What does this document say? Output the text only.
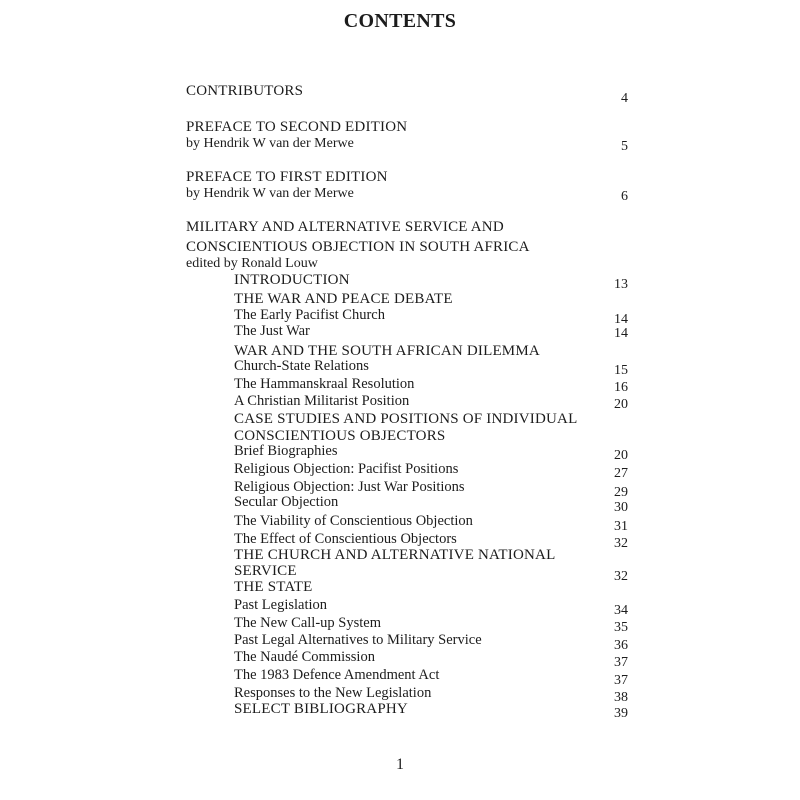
CONTENTS
CONTRIBUTORS	4
PREFACE TO SECOND EDITION
by Hendrik W van der Merwe	5
PREFACE TO FIRST EDITION
by Hendrik W van der Merwe	6
MILITARY AND ALTERNATIVE SERVICE AND
CONSCIENTIOUS OBJECTION IN SOUTH AFRICA
edited by Ronald Louw
INTRODUCTION	13
THE WAR AND PEACE DEBATE
The Early Pacifist Church	14
The Just War	14
WAR AND THE SOUTH AFRICAN DILEMMA
Church-State Relations	15
The Hammanskraal Resolution	16
A Christian Militarist Position	20
CASE STUDIES AND POSITIONS OF INDIVIDUAL
CONSCIENTIOUS OBJECTORS
Brief Biographies	20
Religious Objection: Pacifist Positions	27
Religious Objection: Just War Positions	29
Secular Objection	30
The Viability of Conscientious Objection	31
The Effect of Conscientious Objectors	32
THE CHURCH AND ALTERNATIVE NATIONAL
SERVICE	32
THE STATE
Past Legislation	34
The New Call-up System	35
Past Legal Alternatives to Military Service	36
The Naudé Commission	37
The 1983 Defence Amendment Act	37
Responses to the New Legislation	38
SELECT BIBLIOGRAPHY	39
1
